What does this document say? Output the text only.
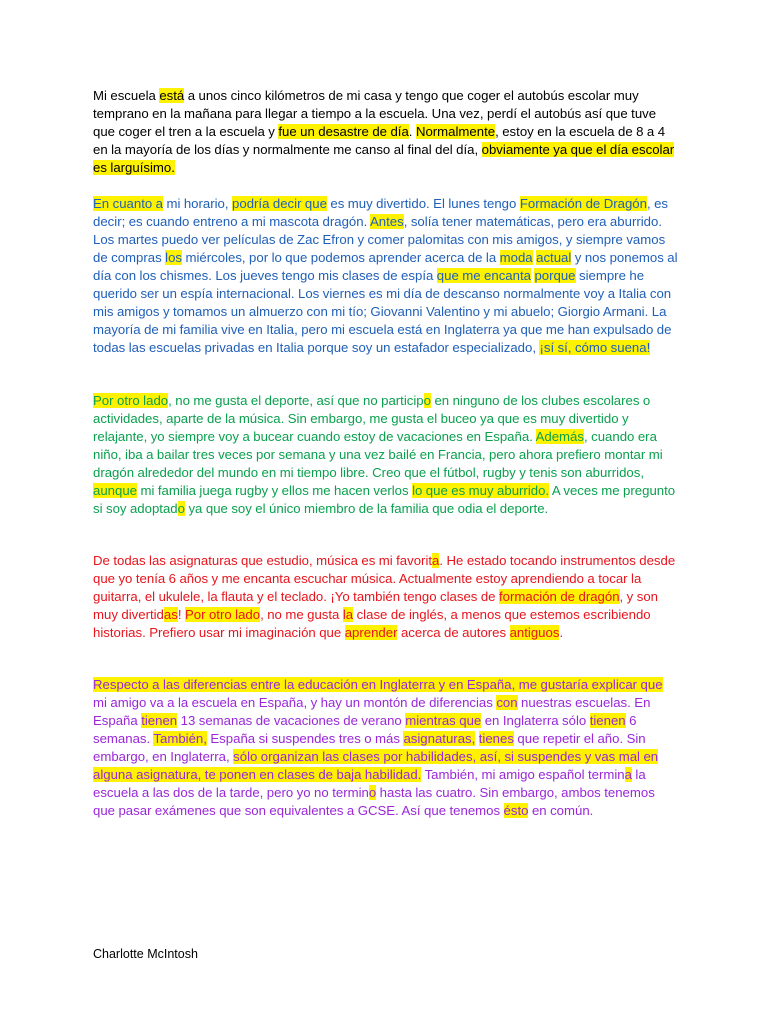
Mi escuela está a unos cinco kilómetros de mi casa y tengo que coger el autobús escolar muy temprano en la mañana para llegar a tiempo a la escuela. Una vez, perdí el autobús así que tuve que coger el tren a la escuela y fue un desastre de día. Normalmente, estoy en la escuela de 8 a 4 en la mayoría de los días y normalmente me canso al final del día, obviamente ya que el día escolar es larguísimo.
En cuanto a mi horario, podría decir que es muy divertido. El lunes tengo Formación de Dragón, es decir; es cuando entreno a mi mascota dragón. Antes, solía tener matemáticas, pero era aburrido. Los martes puedo ver películas de Zac Efron y comer palomitas con mis amigos, y siempre vamos de compras los miércoles, por lo que podemos aprender acerca de la moda actual y nos ponemos al día con los chismes. Los jueves tengo mis clases de espía que me encanta porque siempre he querido ser un espía internacional. Los viernes es mi día de descanso normalmente voy a Italia con mis amigos y tomamos un almuerzo con mi tío; Giovanni Valentino y mi abuelo; Giorgio Armani. La mayoría de mi familia vive en Italia, pero mi escuela está en Inglaterra ya que me han expulsado de todas las escuelas privadas en Italia porque soy un estafador especializado, ¡sí sí, cómo suena!
Por otro lado, no me gusta el deporte, así que no participo en ninguno de los clubes escolares o actividades, aparte de la música. Sin embargo, me gusta el buceo ya que es muy divertido y relajante, yo siempre voy a bucear cuando estoy de vacaciones en España. Además, cuando era niño, iba a bailar tres veces por semana y una vez bailé en Francia, pero ahora prefiero montar mi dragón alrededor del mundo en mi tiempo libre. Creo que el fútbol, rugby y tenis son aburridos, aunque mi familia juega rugby y ellos me hacen verlos lo que es muy aburrido. A veces me pregunto si soy adoptado ya que soy el único miembro de la familia que odia el deporte.
De todas las asignaturas que estudio, música es mi favorita. He estado tocando instrumentos desde que yo tenía 6 años y me encanta escuchar música. Actualmente estoy aprendiendo a tocar la guitarra, el ukulele, la flauta y el teclado. ¡Yo también tengo clases de formación de dragón, y son muy divertidas! Por otro lado, no me gusta la clase de inglés, a menos que estemos escribiendo historias. Prefiero usar mi imaginación que aprender acerca de autores antiguos.
Respecto a las diferencias entre la educación en Inglaterra y en España, me gustaría explicar que mi amigo va a la escuela en España, y hay un montón de diferencias con nuestras escuelas. En España tienen 13 semanas de vacaciones de verano mientras que en Inglaterra sólo tienen 6 semanas. También, España si suspendes tres o más asignaturas, tienes que repetir el año. Sin embargo, en Inglaterra, sólo organizan las clases por habilidades, así, si suspendes y vas mal en alguna asignatura, te ponen en clases de baja habilidad. También, mi amigo español termina la escuela a las dos de la tarde, pero yo no termino hasta las cuatro. Sin embargo, ambos tenemos que pasar exámenes que son equivalentes a GCSE. Así que tenemos ésto en común.
Charlotte McIntosh
